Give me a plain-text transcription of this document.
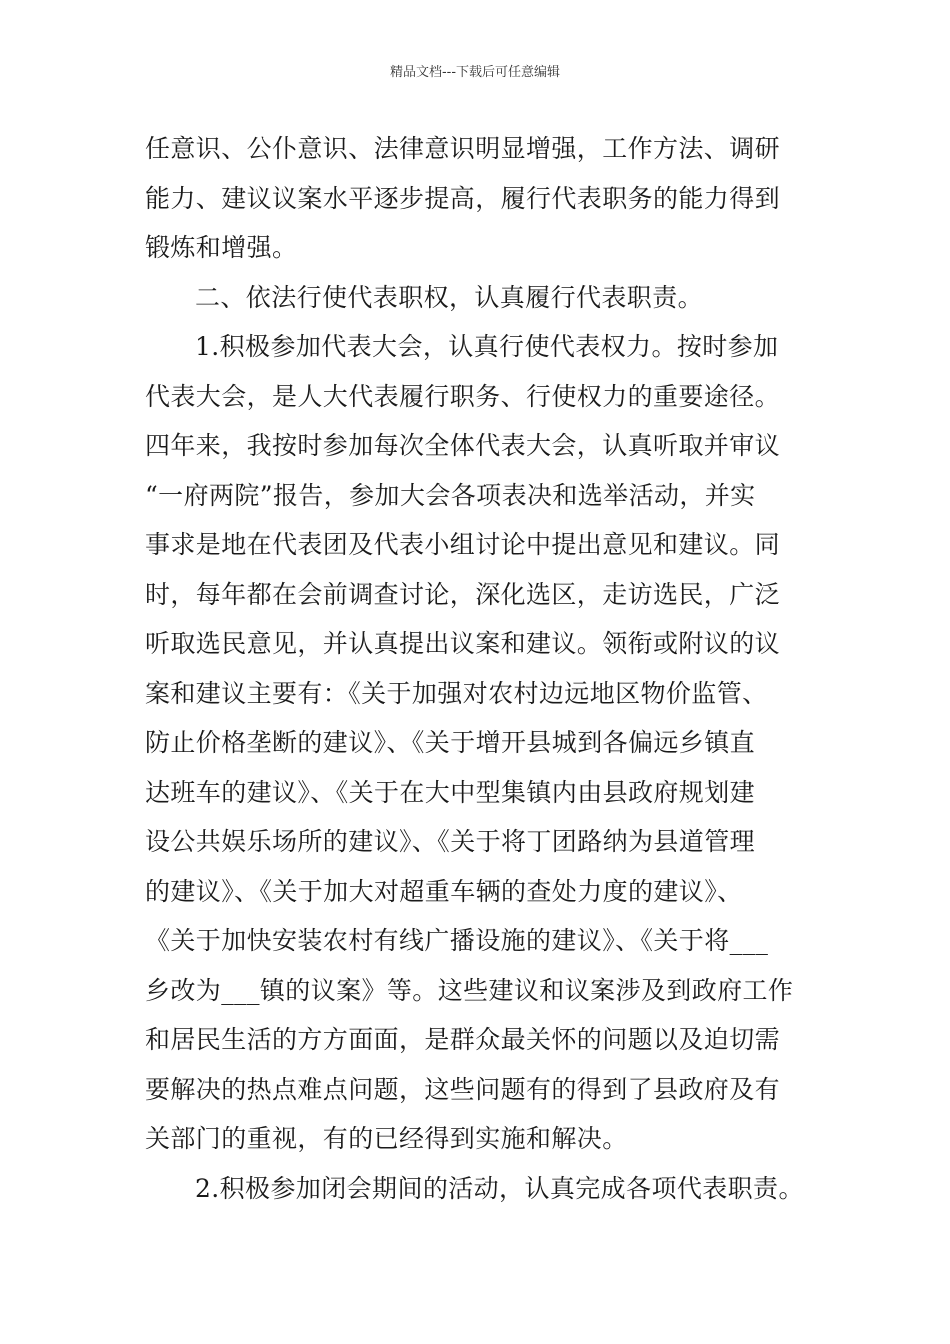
精品文档---下载后可任意编辑
任意识、公仆意识、法律意识明显增强，工作方法、调研
能力、建议议案水平逐步提高，履行代表职务的能力得到
锻炼和增强。
二、依法行使代表职权，认真履行代表职责。
1.积极参加代表大会，认真行使代表权力。按时参加
代表大会，是人大代表履行职务、行使权力的重要途径。
四年来，我按时参加每次全体代表大会，认真听取并审议
“一府两院”报告，参加大会各项表决和选举活动，并实
事求是地在代表团及代表小组讨论中提出意见和建议。同
时，每年都在会前调查讨论，深化选区，走访选民，广泛
听取选民意见，并认真提出议案和建议。领衔或附议的议
案和建议主要有：《关于加强对农村边远地区物价监管、
防止价格垄断的建议》、《关于增开县城到各偏远乡镇直
达班车的建议》、《关于在大中型集镇内由县政府规划建
设公共娱乐场所的建议》、《关于将丁团路纳为县道管理
的建议》、《关于加大对超重车辆的查处力度的建议》、
《关于加快安装农村有线广播设施的建议》、《关于将___
乡改为___镇的议案》等。这些建议和议案涉及到政府工作
和居民生活的方方面面，是群众最关怀的问题以及迫切需
要解决的热点难点问题，这些问题有的得到了县政府及有
关部门的重视，有的已经得到实施和解决。
2.积极参加闭会期间的活动，认真完成各项代表职责。
